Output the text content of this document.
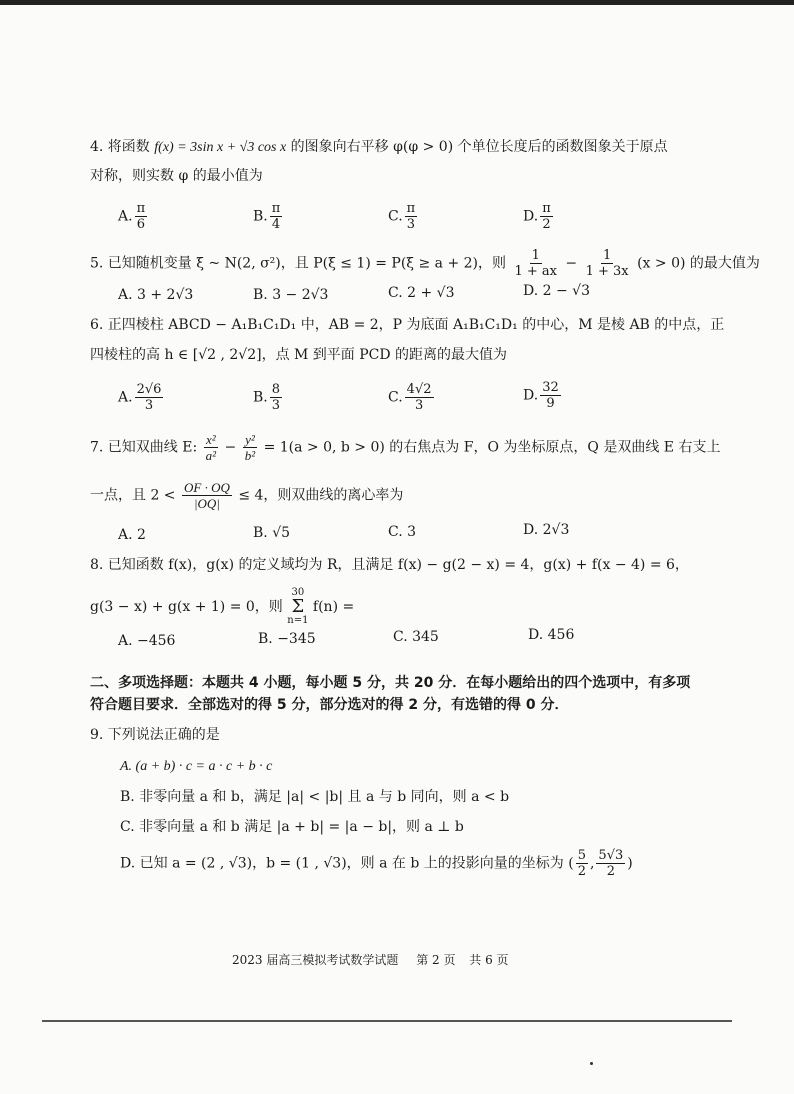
4. 将函数 f(x) = 3sin x + √3 cos x 的图象向右平移 φ(φ > 0) 个单位长度后的函数图象关于原点
对称，则实数 φ 的最小值为
A. $\frac{\pi}{6}$	B. $\frac{\pi}{4}$	C. $\frac{\pi}{3}$	D. $\frac{\pi}{2}$
5. 已知随机变量 ξ ~ N(2, σ²)，且 P(ξ ≤ 1) = P(ξ ≥ a + 2)，则 $\frac{1}{1 + ax} - \frac{1}{1 + 3x} (x > 0)$ 的最大值为
A. 3 + 2√3	B. 3 − 2√3	C. 2 + √3	D. 2 − √3
6. 正四棱柱 ABCD − A₁B₁C₁D₁ 中，AB = 2，P 为底面 A₁B₁C₁D₁ 的中心，M 是棱 AB 的中点，正
四棱柱的高 h ∈ [√2 , 2√2]，点 M 到平面 PCD 的距离的最大值为
A. $\frac{2√6}{3}$	B. $\frac{8}{3}$	C. $\frac{4√2}{3}$	D. $\frac{32}{9}$
7. 已知双曲线 E: $\frac{\text{x²}}{\text{a²}} - \frac{\text{y²}}{\text{b²}} = 1(a > 0$, b > 0) 的右焦点为 F，O 为坐标原点，Q 是双曲线 E 右支上
一点，且 $2 < \frac{OF \cdot OQ}{|OQ|} \le 4$，则双曲线的离心率为
A. 2	B. √5	C. 3	D. 2√3
8. 已知函数 f(x)，g(x) 的定义域均为 R，且满足 f(x) − g(2 − x) = 4，g(x) + f(x − 4) = 6，
g(3 − x) + g(x + 1) = 0，则
30
Σ
n=1
f(n) =
A. −456	B. −345	C. 345	D. 456
二、多项选择题：本题共 4 小题，每小题 5 分，共 20 分．在每小题给出的四个选项中，有多项
符合题目要求．全部选对的得 5 分，部分选对的得 2 分，有选错的得 0 分．
9. 下列说法正确的是
A. (a + b) · c = a · c + b · c
B. 非零向量 a 和 b，满足 |a| < |b| 且 a 与 b 同向，则 a < b
C. 非零向量 a 和 b 满足 |a + b| = |a − b|，则 a ⊥ b
D. 已知 a = (2 , √3)，b = (1 , √3)，则 a 在 b 上的投影向量的坐标为 ( $\frac{5}{2}$ , $\frac{5√3}{2}$ )
2023 届高三模拟考试数学试题 第 2 页 共 6 页
